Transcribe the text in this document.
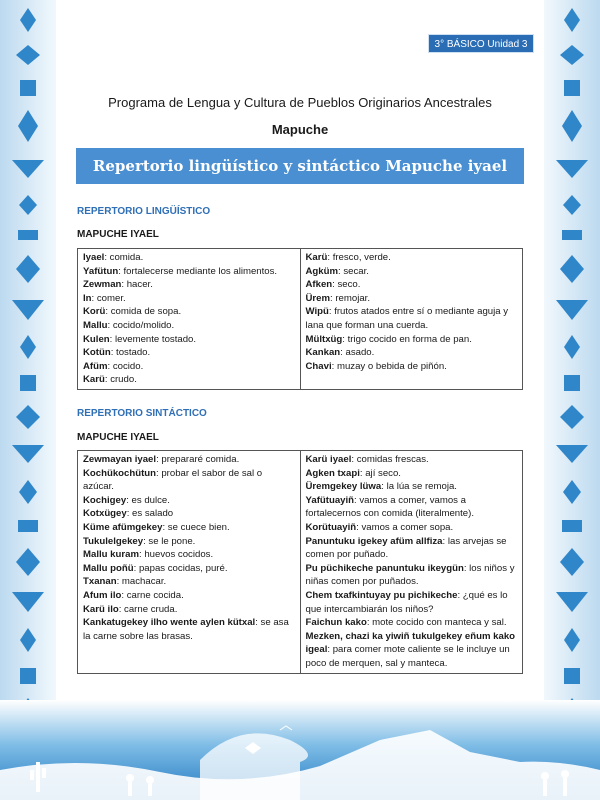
3° BÁSICO Unidad 3
Programa de Lengua y Cultura de Pueblos Originarios Ancestrales
Mapuche
Repertorio lingüístico y sintáctico Mapuche iyael
REPERTORIO LINGÜÍSTICO
MAPUCHE IYAEL
Iyael: comida.
Yafütun: fortalecerse mediante los alimentos.
Zewman: hacer.
In: comer.
Korü: comida de sopa.
Mallu: cocido/molido.
Kulen: levemente tostado.
Kotün: tostado.
Afüm: cocido.
Karü: crudo.

Karü: fresco, verde.
Agküm: secar.
Afken: seco.
Ürem: remojar.
Wipü: frutos atados entre sí o mediante aguja y lana que forman una cuerda.
Mültxüg: trigo cocido en forma de pan.
Kankan: asado.
Chavi: muzay o bebida de piñón.
REPERTORIO SINTÁCTICO
MAPUCHE IYAEL
Zewmayan iyael: prepararé comida.
Kochükochütun: probar el sabor de sal o azúcar.
Kochigey: es dulce.
Kotxügey: es salado
Küme afümgekey: se cuece bien.
Tukulelgekey: se le pone.
Mallu kuram: huevos cocidos.
Mallu poñü: papas cocidas, puré.
Txanan: machacar.
Afum ilo: carne cocida.
Karü ilo: carne cruda.
Kankatugekey ilho wente aylen kütxal: se asa la carne sobre las brasas.

Karü iyael: comidas frescas.
Agken txapi: ají seco.
Üremgekey lüwa: la lúa se remoja.
Yafütuayiñ: vamos a comer, vamos a fortalecernos con comida (literalmente).
Korütuayiñ: vamos a comer sopa.
Panuntuku igekey afüm allfiza: las arvejas se comen por puñado.
Pu püchikeche panuntuku ikeygün: los niños y niñas comen por puñados.
Chem txafkintuyay pu pichikeche: ¿qué es lo que intercambiarán los niños?
Faichun kako: mote cocido con manteca y sal.
Mezken, chazi ka yiwiñ tukulgekey eñum kako igeal: para comer mote caliente se le incluye un poco de merquen, sal y manteca.
